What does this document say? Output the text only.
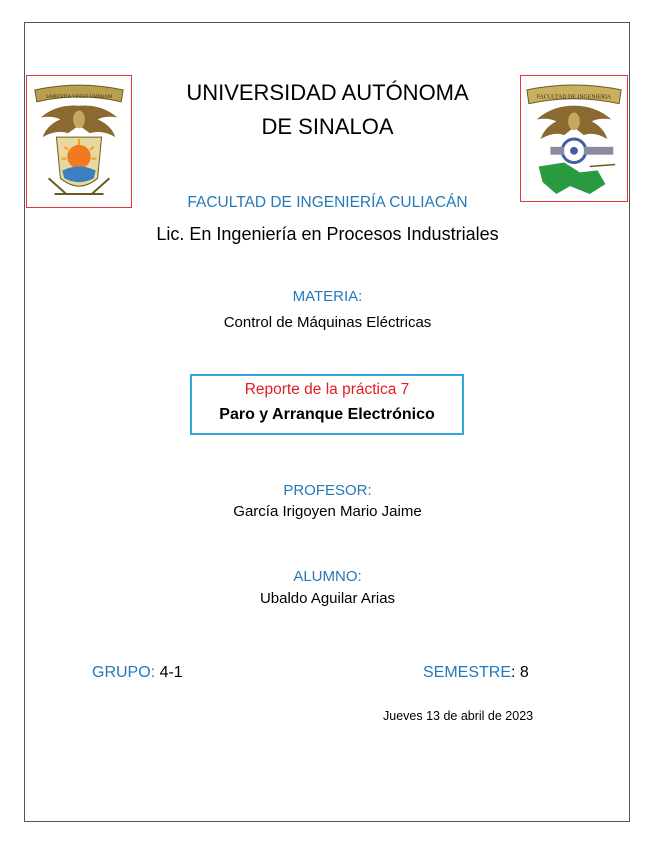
SAPIENTIA VINCIT UMBRAM	FACULTAD DE INGENIERIA
UNIVERSIDAD AUTÓNOMA
DE SINALOA
FACULTAD DE INGENIERÍA CULIACÁN
Lic. En Ingeniería en Procesos Industriales
MATERIA:
Control de Máquinas Eléctricas
Reporte de la práctica 7
Paro y Arranque Electrónico
PROFESOR:
García Irigoyen Mario Jaime
ALUMNO:
Ubaldo Aguilar Arias
GRUPO: 4-1	SEMESTRE: 8
Jueves 13 de abril de 2023
